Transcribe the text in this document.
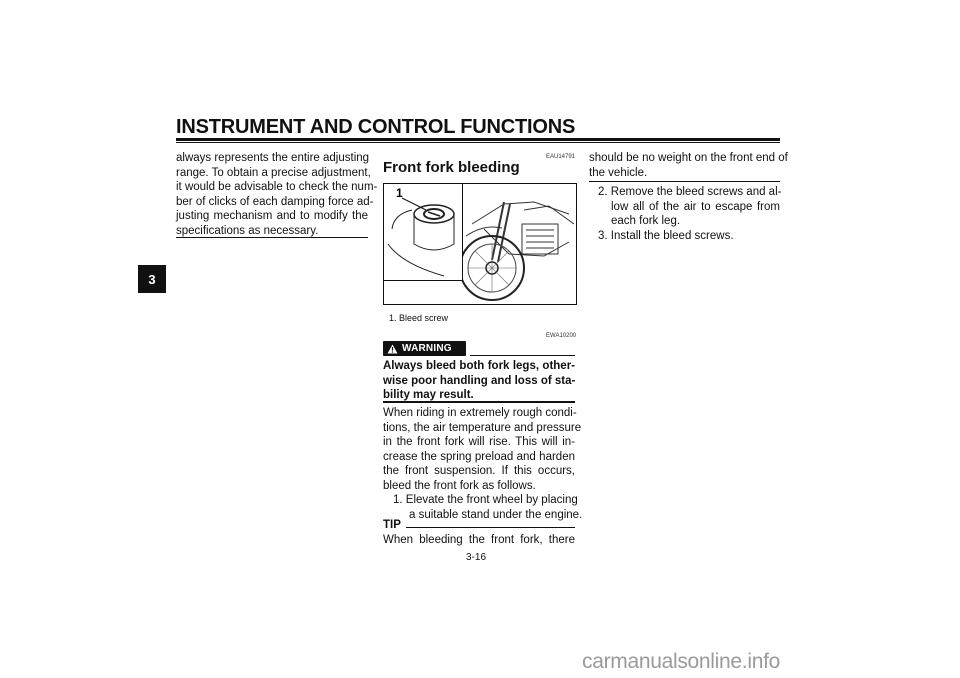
INSTRUMENT AND CONTROL FUNCTIONS
3
always represents the entire adjusting
range. To obtain a precise adjustment,
it would be advisable to check the num-
ber of clicks of each damping force ad-
justing mechanism and to modify the
specifications as necessary.
EAU14791
Front fork bleeding
1
1. Bleed screw
EWA10200
WARNING
Always bleed both fork legs, other-
wise poor handling and loss of sta-
bility may result.
When riding in extremely rough condi-
tions, the air temperature and pressure
in the front fork will rise. This will in-
crease the spring preload and harden
the front suspension. If this occurs,
bleed the front fork as follows.
1. Elevate the front wheel by placing
a suitable stand under the engine.
TIP
When bleeding the front fork, there
should be no weight on the front end of
the vehicle.
2. Remove the bleed screws and al-
low all of the air to escape from
each fork leg.
3. Install the bleed screws.
3-16
carmanualsonline.info
